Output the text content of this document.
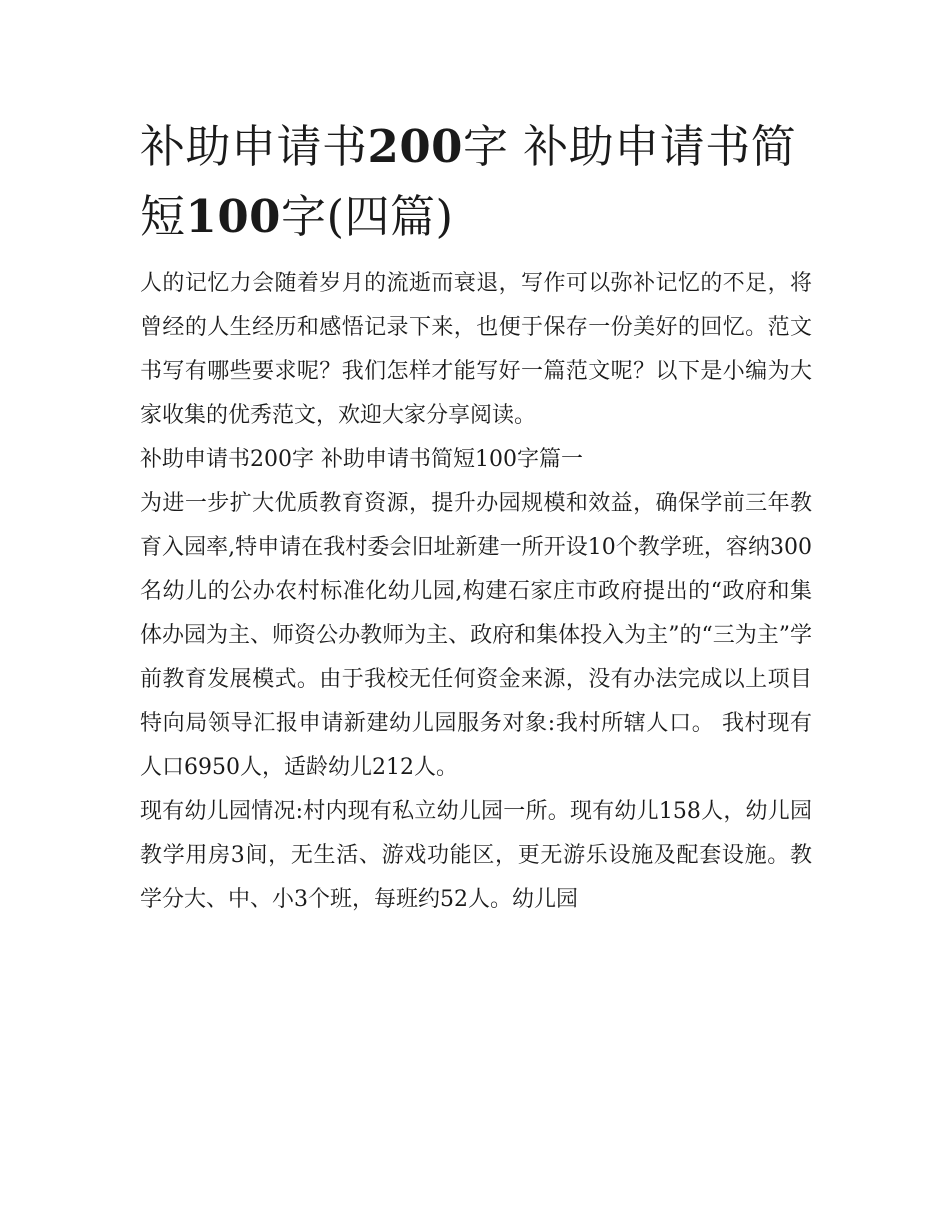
补助申请书200字 补助申请书简短100字(四篇)

人的记忆力会随着岁月的流逝而衰退，写作可以弥补记忆的不足，将曾经的人生经历和感悟记录下来，也便于保存一份美好的回忆。范文书写有哪些要求呢？我们怎样才能写好一篇范文呢？以下是小编为大家收集的优秀范文，欢迎大家分享阅读。

补助申请书200字 补助申请书简短100字篇一

为进一步扩大优质教育资源，提升办园规模和效益，确保学前三年教育入园率,特申请在我村委会旧址新建一所开设10个教学班，容纳300名幼儿的公办农村标准化幼儿园,构建石家庄市政府提出的“政府和集体办园为主、师资公办教师为主、政府和集体投入为主”的“三为主”学前教育发展模式。由于我校无任何资金来源，没有办法完成以上项目特向局领导汇报申请新建幼儿园服务对象:我村所辖人口。 我村现有人口6950人，适龄幼儿212人。

现有幼儿园情况:村内现有私立幼儿园一所。现有幼儿158人，幼儿园教学用房3间，无生活、游戏功能区，更无游乐设施及配套设施。教学分大、中、小3个班，每班约52人。幼儿园
